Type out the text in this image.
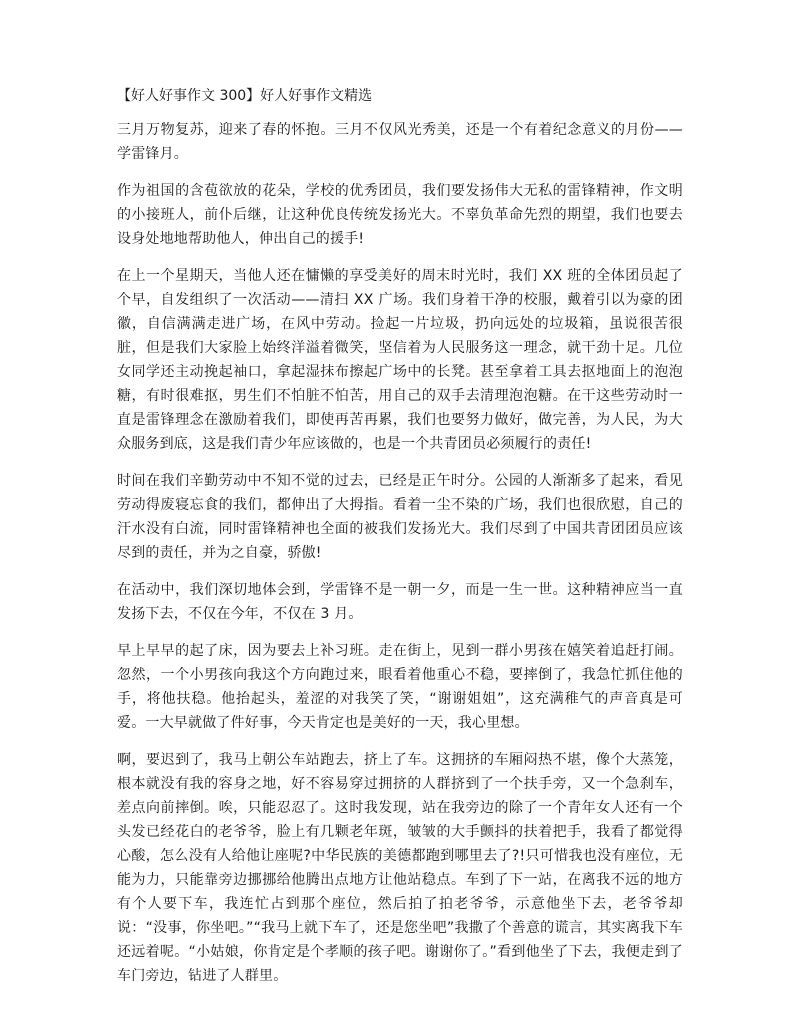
【好人好事作文 300】好人好事作文精选

三月万物复苏，迎来了春的怀抱。三月不仅风光秀美，还是一个有着纪念意义的月份——学雷锋月。

作为祖国的含苞欲放的花朵，学校的优秀团员，我们要发扬伟大无私的雷锋精神，作文明的小接班人，前仆后继，让这种优良传统发扬光大。不辜负革命先烈的期望，我们也要去设身处地地帮助他人，伸出自己的援手!

在上一个星期天，当他人还在慵懒的享受美好的周末时光时，我们 XX 班的全体团员起了个早，自发组织了一次活动——清扫 XX 广场。我们身着干净的校服，戴着引以为豪的团徽，自信满满走进广场，在风中劳动。捡起一片垃圾，扔向远处的垃圾箱，虽说很苦很脏，但是我们大家脸上始终洋溢着微笑，坚信着为人民服务这一理念，就干劲十足。几位女同学还主动挽起袖口，拿起湿抹布擦起广场中的长凳。甚至拿着工具去抠地面上的泡泡糖，有时很难抠，男生们不怕脏不怕苦，用自己的双手去清理泡泡糖。在干这些劳动时一直是雷锋理念在激励着我们，即使再苦再累，我们也要努力做好，做完善，为人民，为大众服务到底，这是我们青少年应该做的，也是一个共青团员必须履行的责任!

时间在我们辛勤劳动中不知不觉的过去，已经是正午时分。公园的人渐渐多了起来，看见劳动得废寝忘食的我们，都伸出了大拇指。看着一尘不染的广场，我们也很欣慰，自己的汗水没有白流，同时雷锋精神也全面的被我们发扬光大。我们尽到了中国共青团团员应该尽到的责任，并为之自豪，骄傲!

在活动中，我们深切地体会到，学雷锋不是一朝一夕，而是一生一世。这种精神应当一直发扬下去，不仅在今年，不仅在 3 月。

早上早早的起了床，因为要去上补习班。走在街上，见到一群小男孩在嬉笑着追赶打闹。忽然，一个小男孩向我这个方向跑过来，眼看着他重心不稳，要摔倒了，我急忙抓住他的手，将他扶稳。他抬起头，羞涩的对我笑了笑，“谢谢姐姐”，这充满稚气的声音真是可爱。一大早就做了件好事，今天肯定也是美好的一天，我心里想。

啊，要迟到了，我马上朝公车站跑去，挤上了车。这拥挤的车厢闷热不堪，像个大蒸笼，根本就没有我的容身之地，好不容易穿过拥挤的人群挤到了一个扶手旁，又一个急刹车，差点向前摔倒。唉，只能忍忍了。这时我发现，站在我旁边的除了一个青年女人还有一个头发已经花白的老爷爷，脸上有几颗老年斑，皱皱的大手颤抖的扶着把手，我看了都觉得心酸，怎么没有人给他让座呢?中华民族的美德都跑到哪里去了?!只可惜我也没有座位，无能为力，只能靠旁边挪挪给他腾出点地方让他站稳点。车到了下一站，在离我不远的地方有个人要下车，我连忙占到那个座位，然后拍了拍老爷爷，示意他坐下去，老爷爷却说：“没事，你坐吧。”“我马上就下车了，还是您坐吧”我撒了个善意的谎言，其实离我下车还远着呢。“小姑娘，你肯定是个孝顺的孩子吧。谢谢你了。”看到他坐了下去，我便走到了车门旁边，钻进了人群里。
